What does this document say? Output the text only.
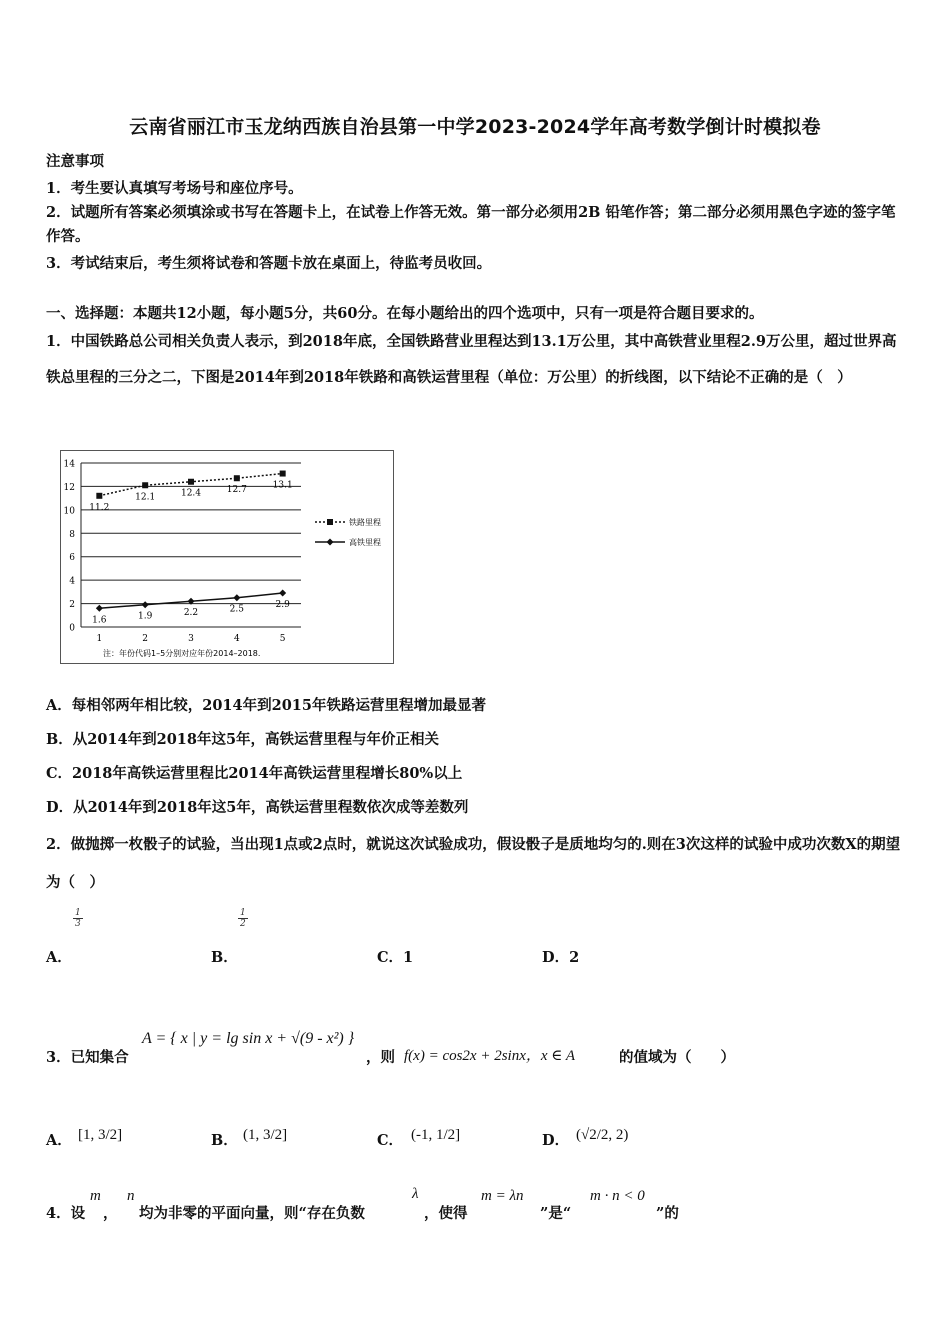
云南省丽江市玉龙纳西族自治县第一中学2023-2024学年高考数学倒计时模拟卷
注意事项
1．考生要认真填写考场号和座位序号。
2．试题所有答案必须填涂或书写在答题卡上，在试卷上作答无效。第一部分必须用2B 铅笔作答；第二部分必须用黑色字迹的签字笔作答。
3．考试结束后，考生须将试卷和答题卡放在桌面上，待监考员收回。
一、选择题：本题共12小题，每小题5分，共60分。在每小题给出的四个选项中，只有一项是符合题目要求的。
1．中国铁路总公司相关负责人表示，到2018年底，全国铁路营业里程达到13.1万公里，其中高铁营业里程2.9万公里，超过世界高铁总里程的三分之二，下图是2014年到2018年铁路和高铁运营里程（单位：万公里）的折线图，以下结论不正确的是（　）
0
2
4
6
8
10
12
14
1	2	3	4	5
注：年份代码1–5分别对应年份2014–2018.
11.2
12.1	12.4	12.7	13.1
1.6	1.9	2.2	2.5	2.9
铁路里程
高铁里程
A．每相邻两年相比较，2014年到2015年铁路运营里程增加最显著
B．从2014年到2018年这5年，高铁运营里程与年价正相关
C．2018年高铁运营里程比2014年高铁运营里程增长80%以上
D．从2014年到2018年这5年，高铁运营里程数依次成等差数列
2．做抛掷一枚骰子的试验，当出现1点或2点时，就说这次试验成功，假设骰子是质地均匀的.则在3次这样的试验中成功次数X的期望为（　）
$\frac{1}{3}$
A．
$\frac{1}{2}$
B．	C．1	D．2
3．已知集合
A = { x | y = lg sin x + √(9 - x²) }
，则 f(x) = cos2x + 2sinx，x ∈ A	的值域为（　　）
A． [1, 3/2]	B． (1, 3/2]	C． (-1, 1/2]	D． (√2/2, 2)
4．设
m
，
n
均为非零的平面向量，则“存在负数
λ
，使得
m = λn
”是“
m · n < 0
”的
